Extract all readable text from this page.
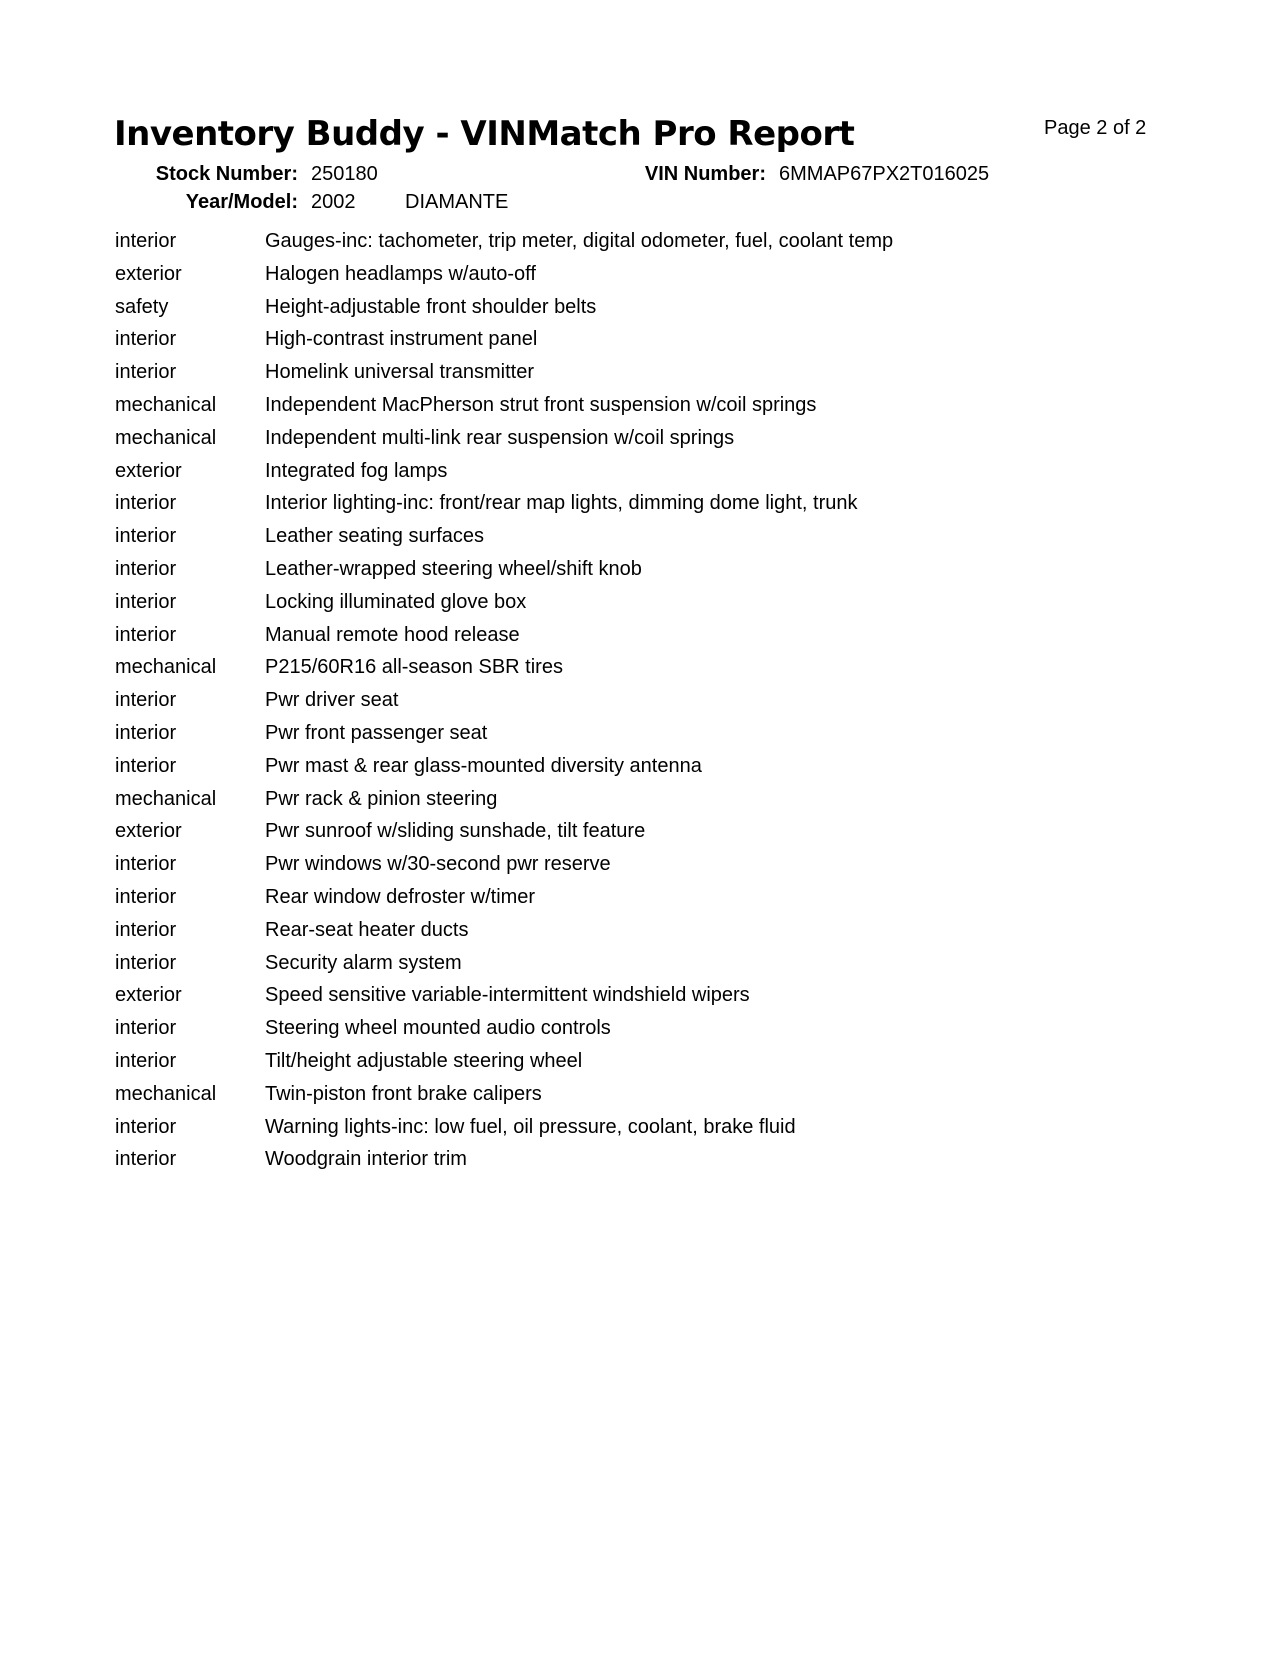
Inventory Buddy - VINMatch Pro Report	Page 2 of 2
Stock Number: 250180	VIN Number: 6MMAP67PX2T016025
Year/Model: 2002 DIAMANTE
interior	Gauges-inc: tachometer, trip meter, digital odometer, fuel, coolant temp
exterior	Halogen headlamps w/auto-off
safety	Height-adjustable front shoulder belts
interior	High-contrast instrument panel
interior	Homelink universal transmitter
mechanical	Independent MacPherson strut front suspension w/coil springs
mechanical	Independent multi-link rear suspension w/coil springs
exterior	Integrated fog lamps
interior	Interior lighting-inc: front/rear map lights, dimming dome light, trunk
interior	Leather seating surfaces
interior	Leather-wrapped steering wheel/shift knob
interior	Locking illuminated glove box
interior	Manual remote hood release
mechanical	P215/60R16 all-season SBR tires
interior	Pwr driver seat
interior	Pwr front passenger seat
interior	Pwr mast & rear glass-mounted diversity antenna
mechanical	Pwr rack & pinion steering
exterior	Pwr sunroof w/sliding sunshade, tilt feature
interior	Pwr windows w/30-second pwr reserve
interior	Rear window defroster w/timer
interior	Rear-seat heater ducts
interior	Security alarm system
exterior	Speed sensitive variable-intermittent windshield wipers
interior	Steering wheel mounted audio controls
interior	Tilt/height adjustable steering wheel
mechanical	Twin-piston front brake calipers
interior	Warning lights-inc: low fuel, oil pressure, coolant, brake fluid
interior	Woodgrain interior trim
